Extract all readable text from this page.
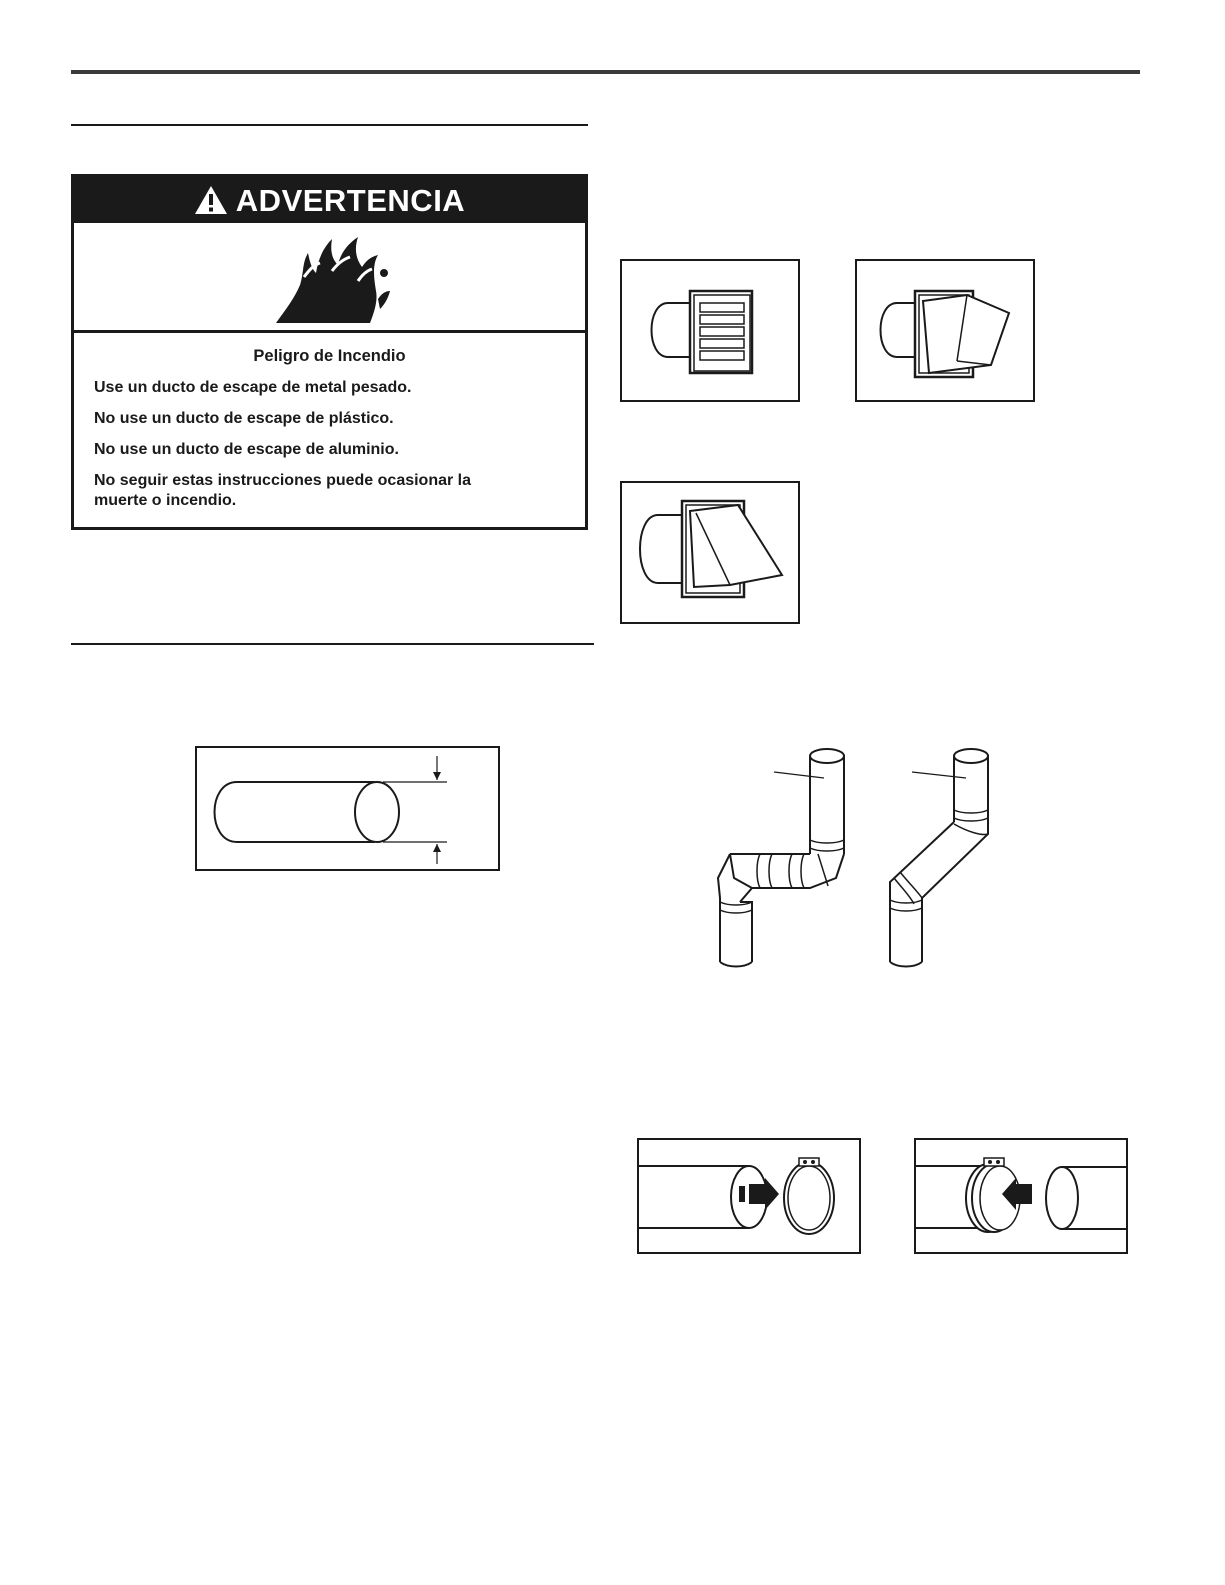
ADVERTENCIA
Peligro de Incendio

Use un ducto de escape de metal pesado.

No use un ducto de escape de plástico.

No use un ducto de escape de aluminio.

No seguir estas instrucciones puede ocasionar la muerte o incendio.
